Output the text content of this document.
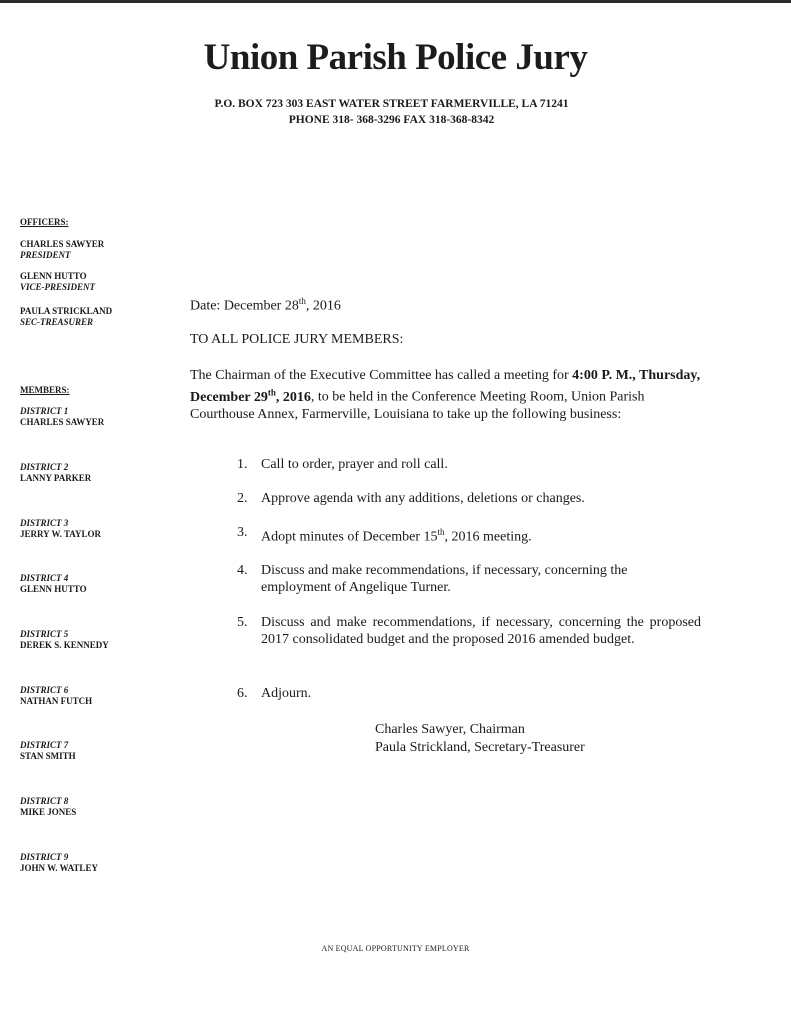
Union Parish Police Jury
P.O. BOX 723 303 EAST WATER STREET FARMERVILLE, LA 71241
PHONE 318- 368-3296 FAX 318-368-8342
OFFICERS:
CHARLES SAWYER
PRESIDENT
GLENN HUTTO
VICE-PRESIDENT
PAULA STRICKLAND
SEC-TREASURER
MEMBERS:
DISTRICT 1
CHARLES SAWYER
DISTRICT 2
LANNY PARKER
DISTRICT 3
JERRY W. TAYLOR
DISTRICT 4
GLENN HUTTO
DISTRICT 5
DEREK S. KENNEDY
DISTRICT 6
NATHAN FUTCH
DISTRICT 7
STAN SMITH
DISTRICT 8
MIKE JONES
DISTRICT 9
JOHN W. WATLEY
Date: December 28th, 2016
TO ALL POLICE JURY MEMBERS:
The Chairman of the Executive Committee has called a meeting for 4:00 P. M., Thursday, December 29th, 2016, to be held in the Conference Meeting Room, Union Parish Courthouse Annex, Farmerville, Louisiana to take up the following business:
1. Call to order, prayer and roll call.
2. Approve agenda with any additions, deletions or changes.
3. Adopt minutes of December 15th, 2016 meeting.
4. Discuss and make recommendations, if necessary, concerning the employment of Angelique Turner.
5. Discuss and make recommendations, if necessary, concerning the proposed 2017 consolidated budget and the proposed 2016 amended budget.
6. Adjourn.
Charles Sawyer, Chairman
Paula Strickland, Secretary-Treasurer
AN EQUAL OPPORTUNITY EMPLOYER
